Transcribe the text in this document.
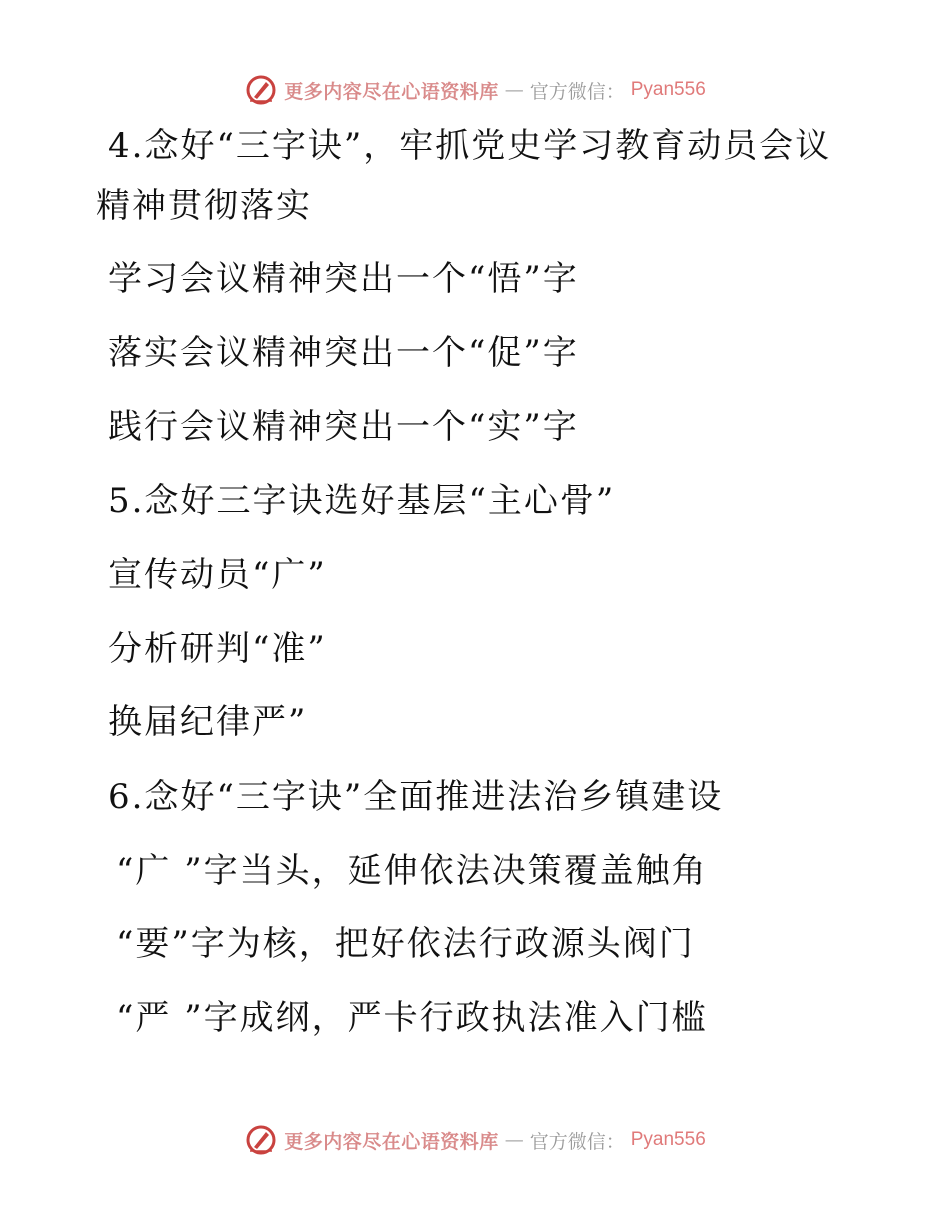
更多内容尽在心语资料库 — 官方微信： Pyan556
4.念好“三字诀”，牢抓党史学习教育动员会议
精神贯彻落实
学习会议精神突出一个“悟”字
落实会议精神突出一个“促”字
践行会议精神突出一个“实”字
5.念好三字诀选好基层“主心骨”
宣传动员“广”
分析研判“准”
换届纪律严”
6.念好“三字诀”全面推进法治乡镇建设
“广 ”字当头，延伸依法决策覆盖触角
“要”字为核，把好依法行政源头阀门
“严 ”字成纲，严卡行政执法准入门槛
更多内容尽在心语资料库 — 官方微信： Pyan556
